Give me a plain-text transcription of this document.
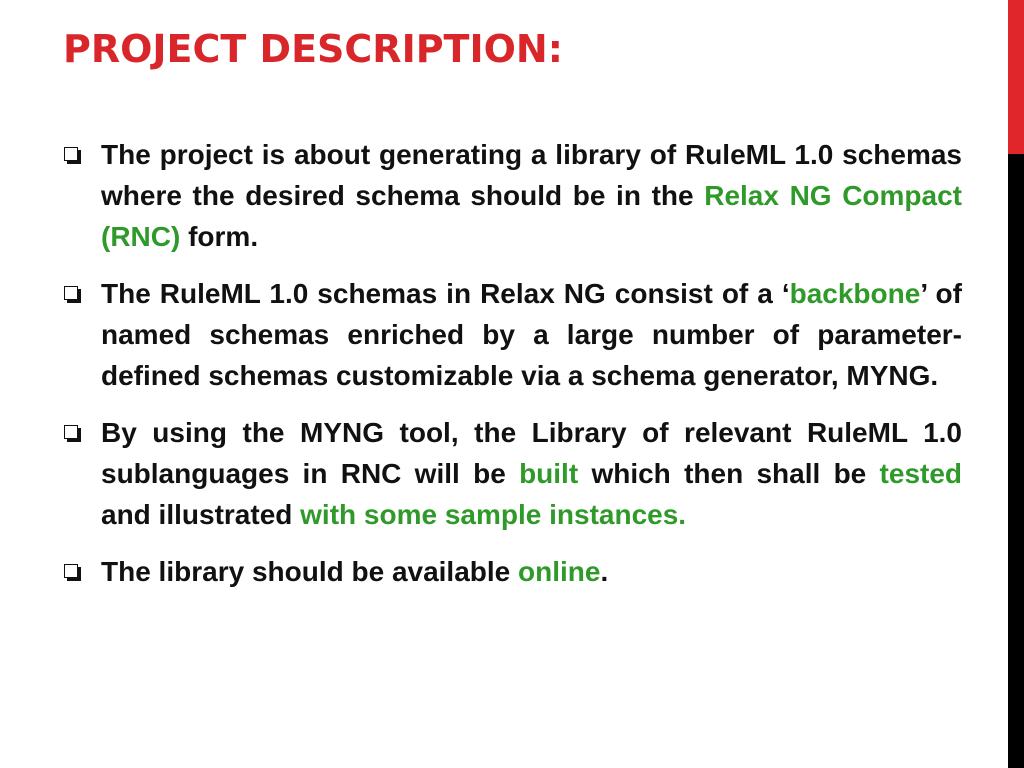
PROJECT DESCRIPTION:

The project is about generating a library of RuleML 1.0 schemas where the desired schema should be in the Relax NG Compact (RNC) form.

The RuleML 1.0 schemas in Relax NG consist of a ‘backbone’ of named schemas enriched by a large number of parameter-defined schemas customizable via a schema generator, MYNG.

By using the MYNG tool, the Library of relevant RuleML 1.0 sublanguages in RNC will be built which then shall be tested and illustrated with some sample instances.

The library should be available online.
